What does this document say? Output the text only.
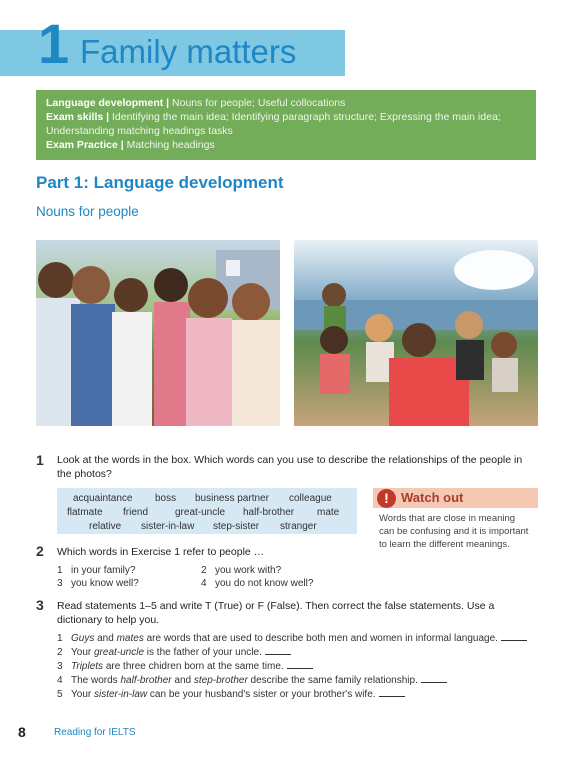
1 Family matters
Language development | Nouns for people; Useful collocations
Exam skills | Identifying the main idea; Identifying paragraph structure; Expressing the main idea; Understanding matching headings tasks
Exam Practice | Matching headings
Part 1: Language development
Nouns for people
1 Look at the words in the box. Which words can you use to describe the relationships of the people in the photos?
acquaintance boss business partner colleague
flatmate friend	great-uncle half-brother mate
relative sister-in-law step-sister stranger
! Watch out
Words that are close in meaning can be confusing and it is important to learn the different meanings.
2 Which words in Exercise 1 refer to people …
1 in your family?	2 you work with?
3 you know well?	4 you do not know well?
3 Read statements 1–5 and write T (True) or F (False). Then correct the false statements. Use a dictionary to help you.
1 Guys and mates are words that are used to describe both men and women in informal language.
2 Your great-uncle is the father of your uncle.
3 Triplets are three chidren born at the same time.
4 The words half-brother and step-brother describe the same family relationship.
5 Your sister-in-law can be your husband's sister or your brother's wife.
8	Reading for IELTS
